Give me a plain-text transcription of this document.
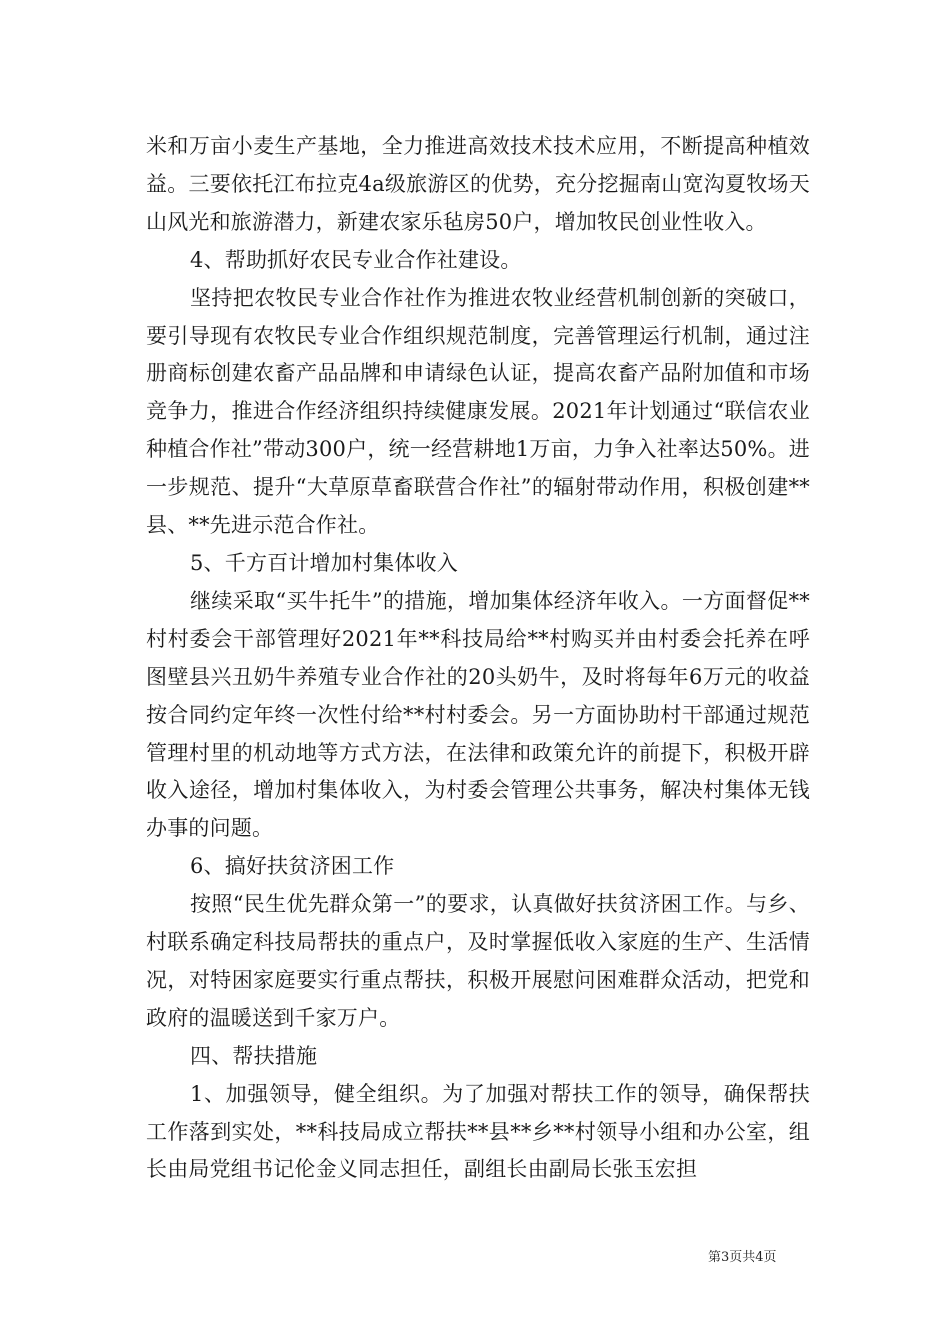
米和万亩小麦生产基地，全力推进高效技术技术应用，不断提高种植效益。三要依托江布拉克4a级旅游区的优势，充分挖掘南山宽沟夏牧场天山风光和旅游潜力，新建农家乐毡房50户，增加牧民创业性收入。

4、帮助抓好农民专业合作社建设。

坚持把农牧民专业合作社作为推进农牧业经营机制创新的突破口，要引导现有农牧民专业合作组织规范制度，完善管理运行机制，通过注册商标创建农畜产品品牌和申请绿色认证，提高农畜产品附加值和市场竞争力，推进合作经济组织持续健康发展。2021年计划通过“联信农业种植合作社”带动300户，统一经营耕地1万亩，力争入社率达50%。进一步规范、提升“大草原草畜联营合作社”的辐射带动作用，积极创建**县、**先进示范合作社。

5、千方百计增加村集体收入

继续采取“买牛托牛”的措施，增加集体经济年收入。一方面督促**村村委会干部管理好2021年**科技局给**村购买并由村委会托养在呼图壁县兴丑奶牛养殖专业合作社的20头奶牛，及时将每年6万元的收益按合同约定年终一次性付给**村村委会。另一方面协助村干部通过规范管理村里的机动地等方式方法，在法律和政策允许的前提下，积极开辟收入途径，增加村集体收入，为村委会管理公共事务，解决村集体无钱办事的问题。

6、搞好扶贫济困工作

按照“民生优先群众第一”的要求，认真做好扶贫济困工作。与乡、村联系确定科技局帮扶的重点户，及时掌握低收入家庭的生产、生活情况，对特困家庭要实行重点帮扶，积极开展慰问困难群众活动，把党和政府的温暖送到千家万户。

四、帮扶措施

1、加强领导，健全组织。为了加强对帮扶工作的领导，确保帮扶工作落到实处，**科技局成立帮扶**县**乡**村领导小组和办公室，组长由局党组书记伦金义同志担任，副组长由副局长张玉宏担

第3页共4页
